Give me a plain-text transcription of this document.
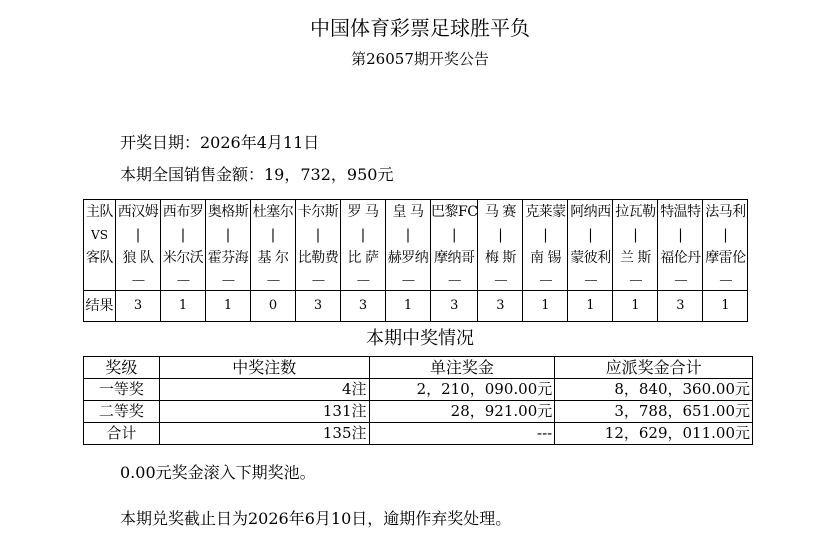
中国体育彩票足球胜平负
第26057期开奖公告
开奖日期：2026年4月11日
本期全国销售金额：19，732，950元
主队
VS
客队	西汉姆
|
狼 队
----	西布罗
|
米尔沃
----	奥格斯
|
霍芬海
----	杜塞尔
|
基 尔
----	卡尔斯
|
比勒费
----	罗 马
|
比 萨
----	皇 马
|
赫罗纳
----	巴黎FC
|
摩纳哥
----	马 赛
|
梅 斯
----	克莱蒙
|
南 锡
----	阿纳西
|
蒙彼利
----	拉瓦勒
|
兰 斯
----	特温特
|
福伦丹
----	法马利
|
摩雷伦
----

结果	3	1	1	0	3	3	1	3	3	1	1	1	3	1
本期中奖情况
奖级	中奖注数	单注奖金	应派奖金合计
一等奖	4注	2，210，090.00元	8，840，360.00元
二等奖	131注	28，921.00元	3，788，651.00元
合计	135注	---	12，629，011.00元
0.00元奖金滚入下期奖池。
本期兑奖截止日为2026年6月10日，逾期作弃奖处理。
